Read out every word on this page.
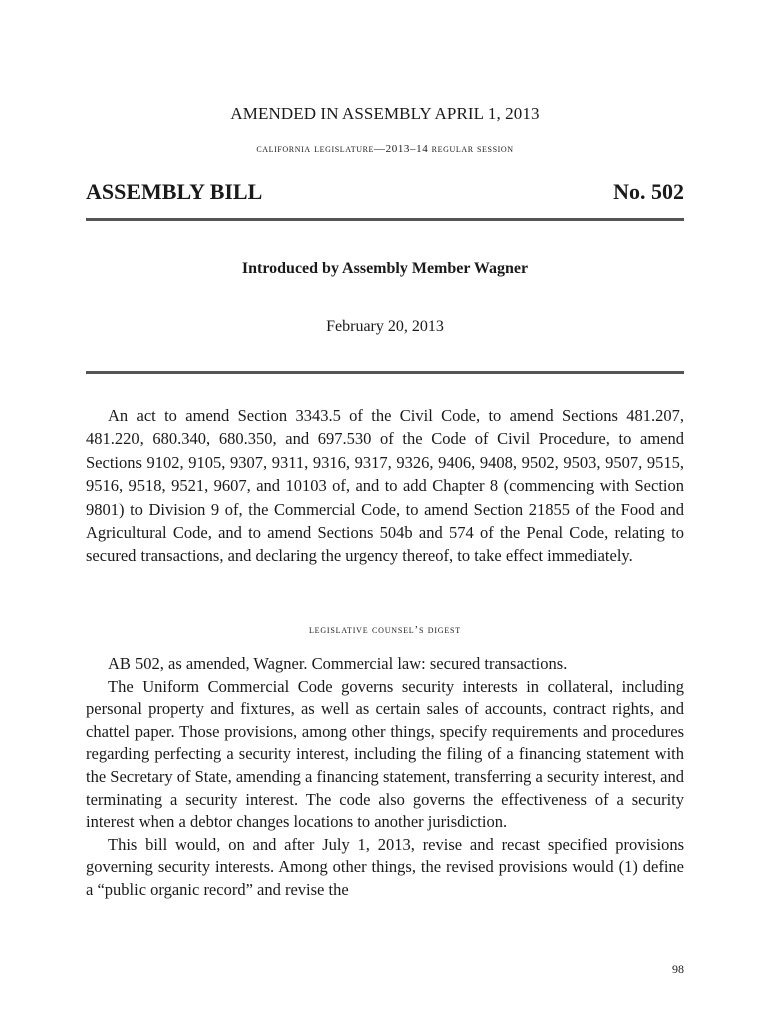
AMENDED IN ASSEMBLY APRIL 1, 2013
california legislature—2013–14 regular session
ASSEMBLY BILL	No. 502
Introduced by Assembly Member Wagner
February 20, 2013

An act to amend Section 3343.5 of the Civil Code, to amend Sections 481.207, 481.220, 680.340, 680.350, and 697.530 of the Code of Civil Procedure, to amend Sections 9102, 9105, 9307, 9311, 9316, 9317, 9326, 9406, 9408, 9502, 9503, 9507, 9515, 9516, 9518, 9521, 9607, and 10103 of, and to add Chapter 8 (commencing with Section 9801) to Division 9 of, the Commercial Code, to amend Section 21855 of the Food and Agricultural Code, and to amend Sections 504b and 574 of the Penal Code, relating to secured transactions, and declaring the urgency thereof, to take effect immediately.

legislative counsel’s digest

AB 502, as amended, Wagner. Commercial law: secured transactions.

The Uniform Commercial Code governs security interests in collateral, including personal property and fixtures, as well as certain sales of accounts, contract rights, and chattel paper. Those provisions, among other things, specify requirements and procedures regarding perfecting a security interest, including the filing of a financing statement with the Secretary of State, amending a financing statement, transferring a security interest, and terminating a security interest. The code also governs the effectiveness of a security interest when a debtor changes locations to another jurisdiction.

This bill would, on and after July 1, 2013, revise and recast specified provisions governing security interests. Among other things, the revised provisions would (1) define a “public organic record” and revise the

98
